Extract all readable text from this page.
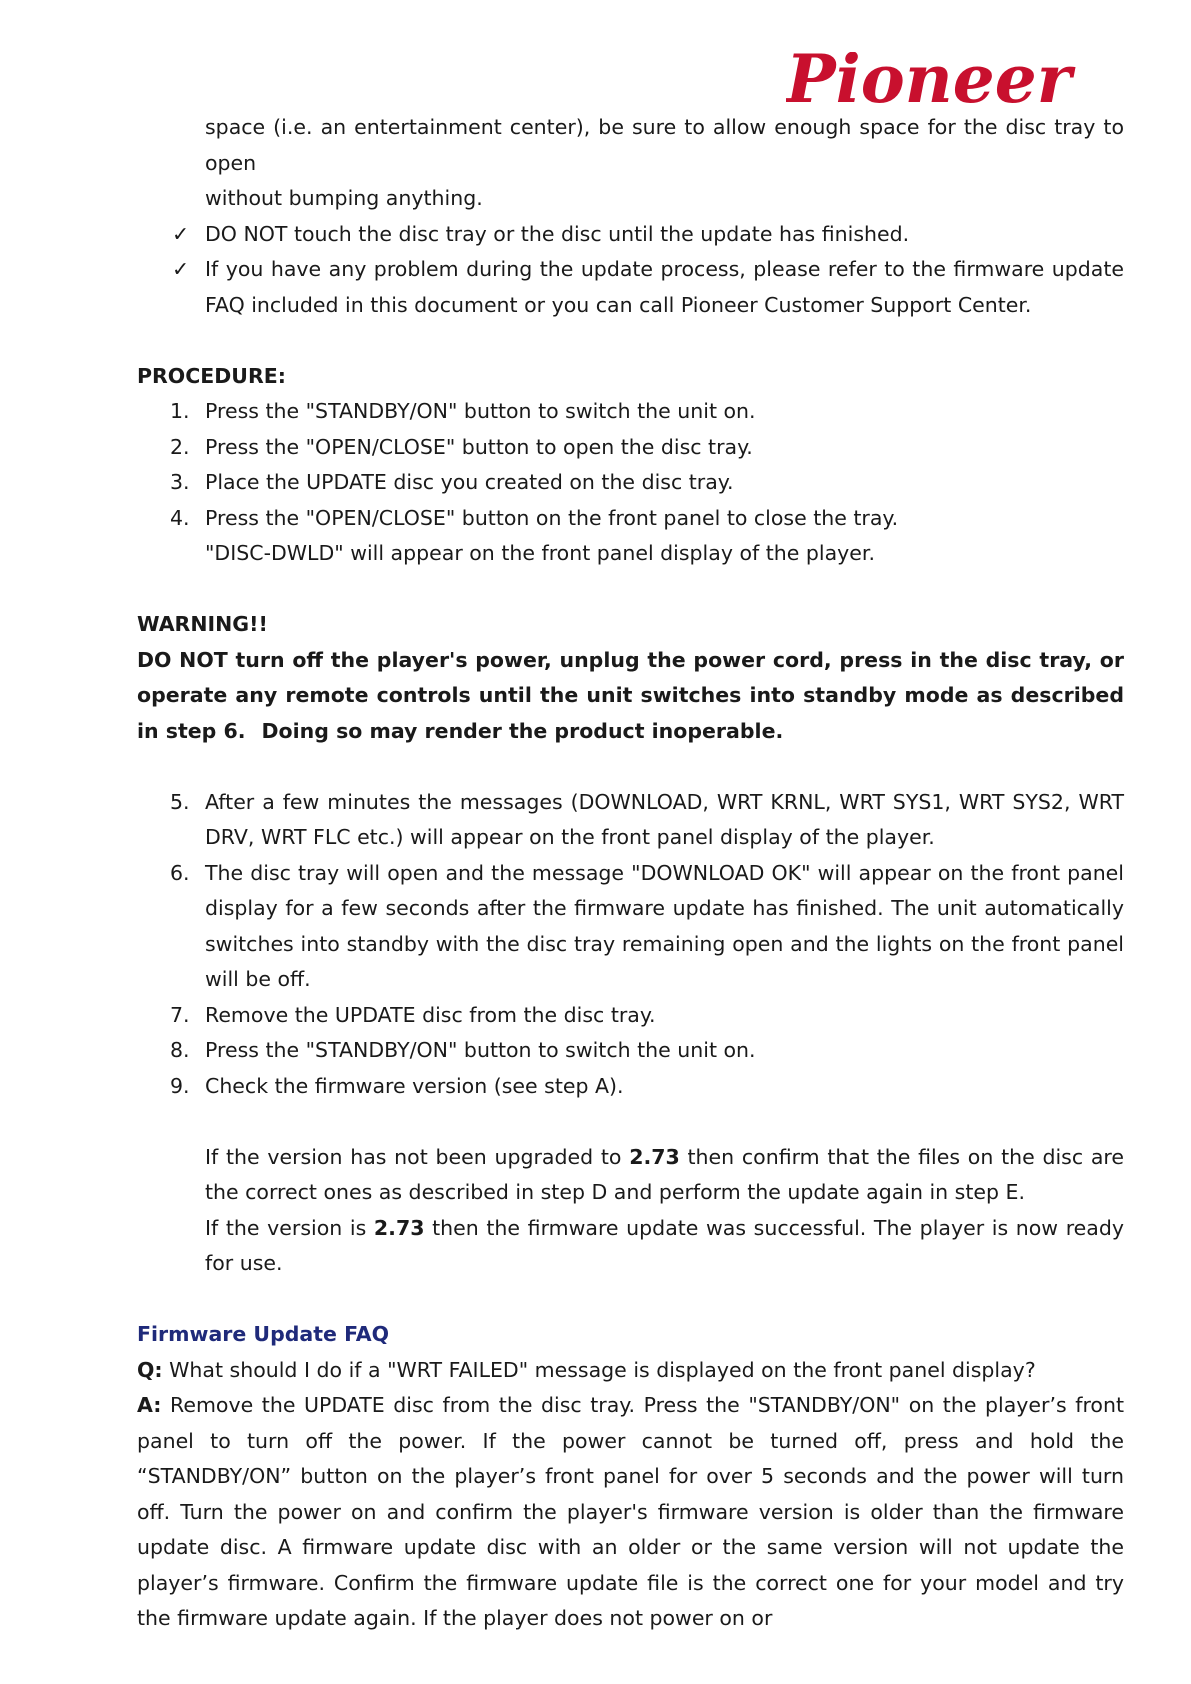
Pioneer
space (i.e. an entertainment center), be sure to allow enough space for the disc tray to open
without bumping anything.
✓ DO NOT touch the disc tray or the disc until the update has finished.
✓ If you have any problem during the update process, please refer to the firmware update FAQ included in this document or you can call Pioneer Customer Support Center.
PROCEDURE:
1. Press the "STANDBY/ON" button to switch the unit on.
2. Press the "OPEN/CLOSE" button to open the disc tray.
3. Place the UPDATE disc you created on the disc tray.
4. Press the "OPEN/CLOSE" button on the front panel to close the tray.
"DISC-DWLD" will appear on the front panel display of the player.
WARNING!!
DO NOT turn off the player's power, unplug the power cord, press in the disc tray, or operate any remote controls until the unit switches into standby mode as described in step 6. Doing so may render the product inoperable.
5. After a few minutes the messages (DOWNLOAD, WRT KRNL, WRT SYS1, WRT SYS2, WRT DRV, WRT FLC etc.) will appear on the front panel display of the player.
6. The disc tray will open and the message "DOWNLOAD OK" will appear on the front panel display for a few seconds after the firmware update has finished. The unit automatically switches into standby with the disc tray remaining open and the lights on the front panel will be off.
7. Remove the UPDATE disc from the disc tray.
8. Press the "STANDBY/ON" button to switch the unit on.
9. Check the firmware version (see step A).
If the version has not been upgraded to 2.73 then confirm that the files on the disc are the correct ones as described in step D and perform the update again in step E.
If the version is 2.73 then the firmware update was successful. The player is now ready for use.
Firmware Update FAQ
Q: What should I do if a "WRT FAILED" message is displayed on the front panel display?
A: Remove the UPDATE disc from the disc tray. Press the "STANDBY/ON" on the player’s front panel to turn off the power. If the power cannot be turned off, press and hold the “STANDBY/ON” button on the player’s front panel for over 5 seconds and the power will turn off. Turn the power on and confirm the player's firmware version is older than the firmware update disc. A firmware update disc with an older or the same version will not update the player’s firmware. Confirm the firmware update file is the correct one for your model and try the firmware update again. If the player does not power on or
